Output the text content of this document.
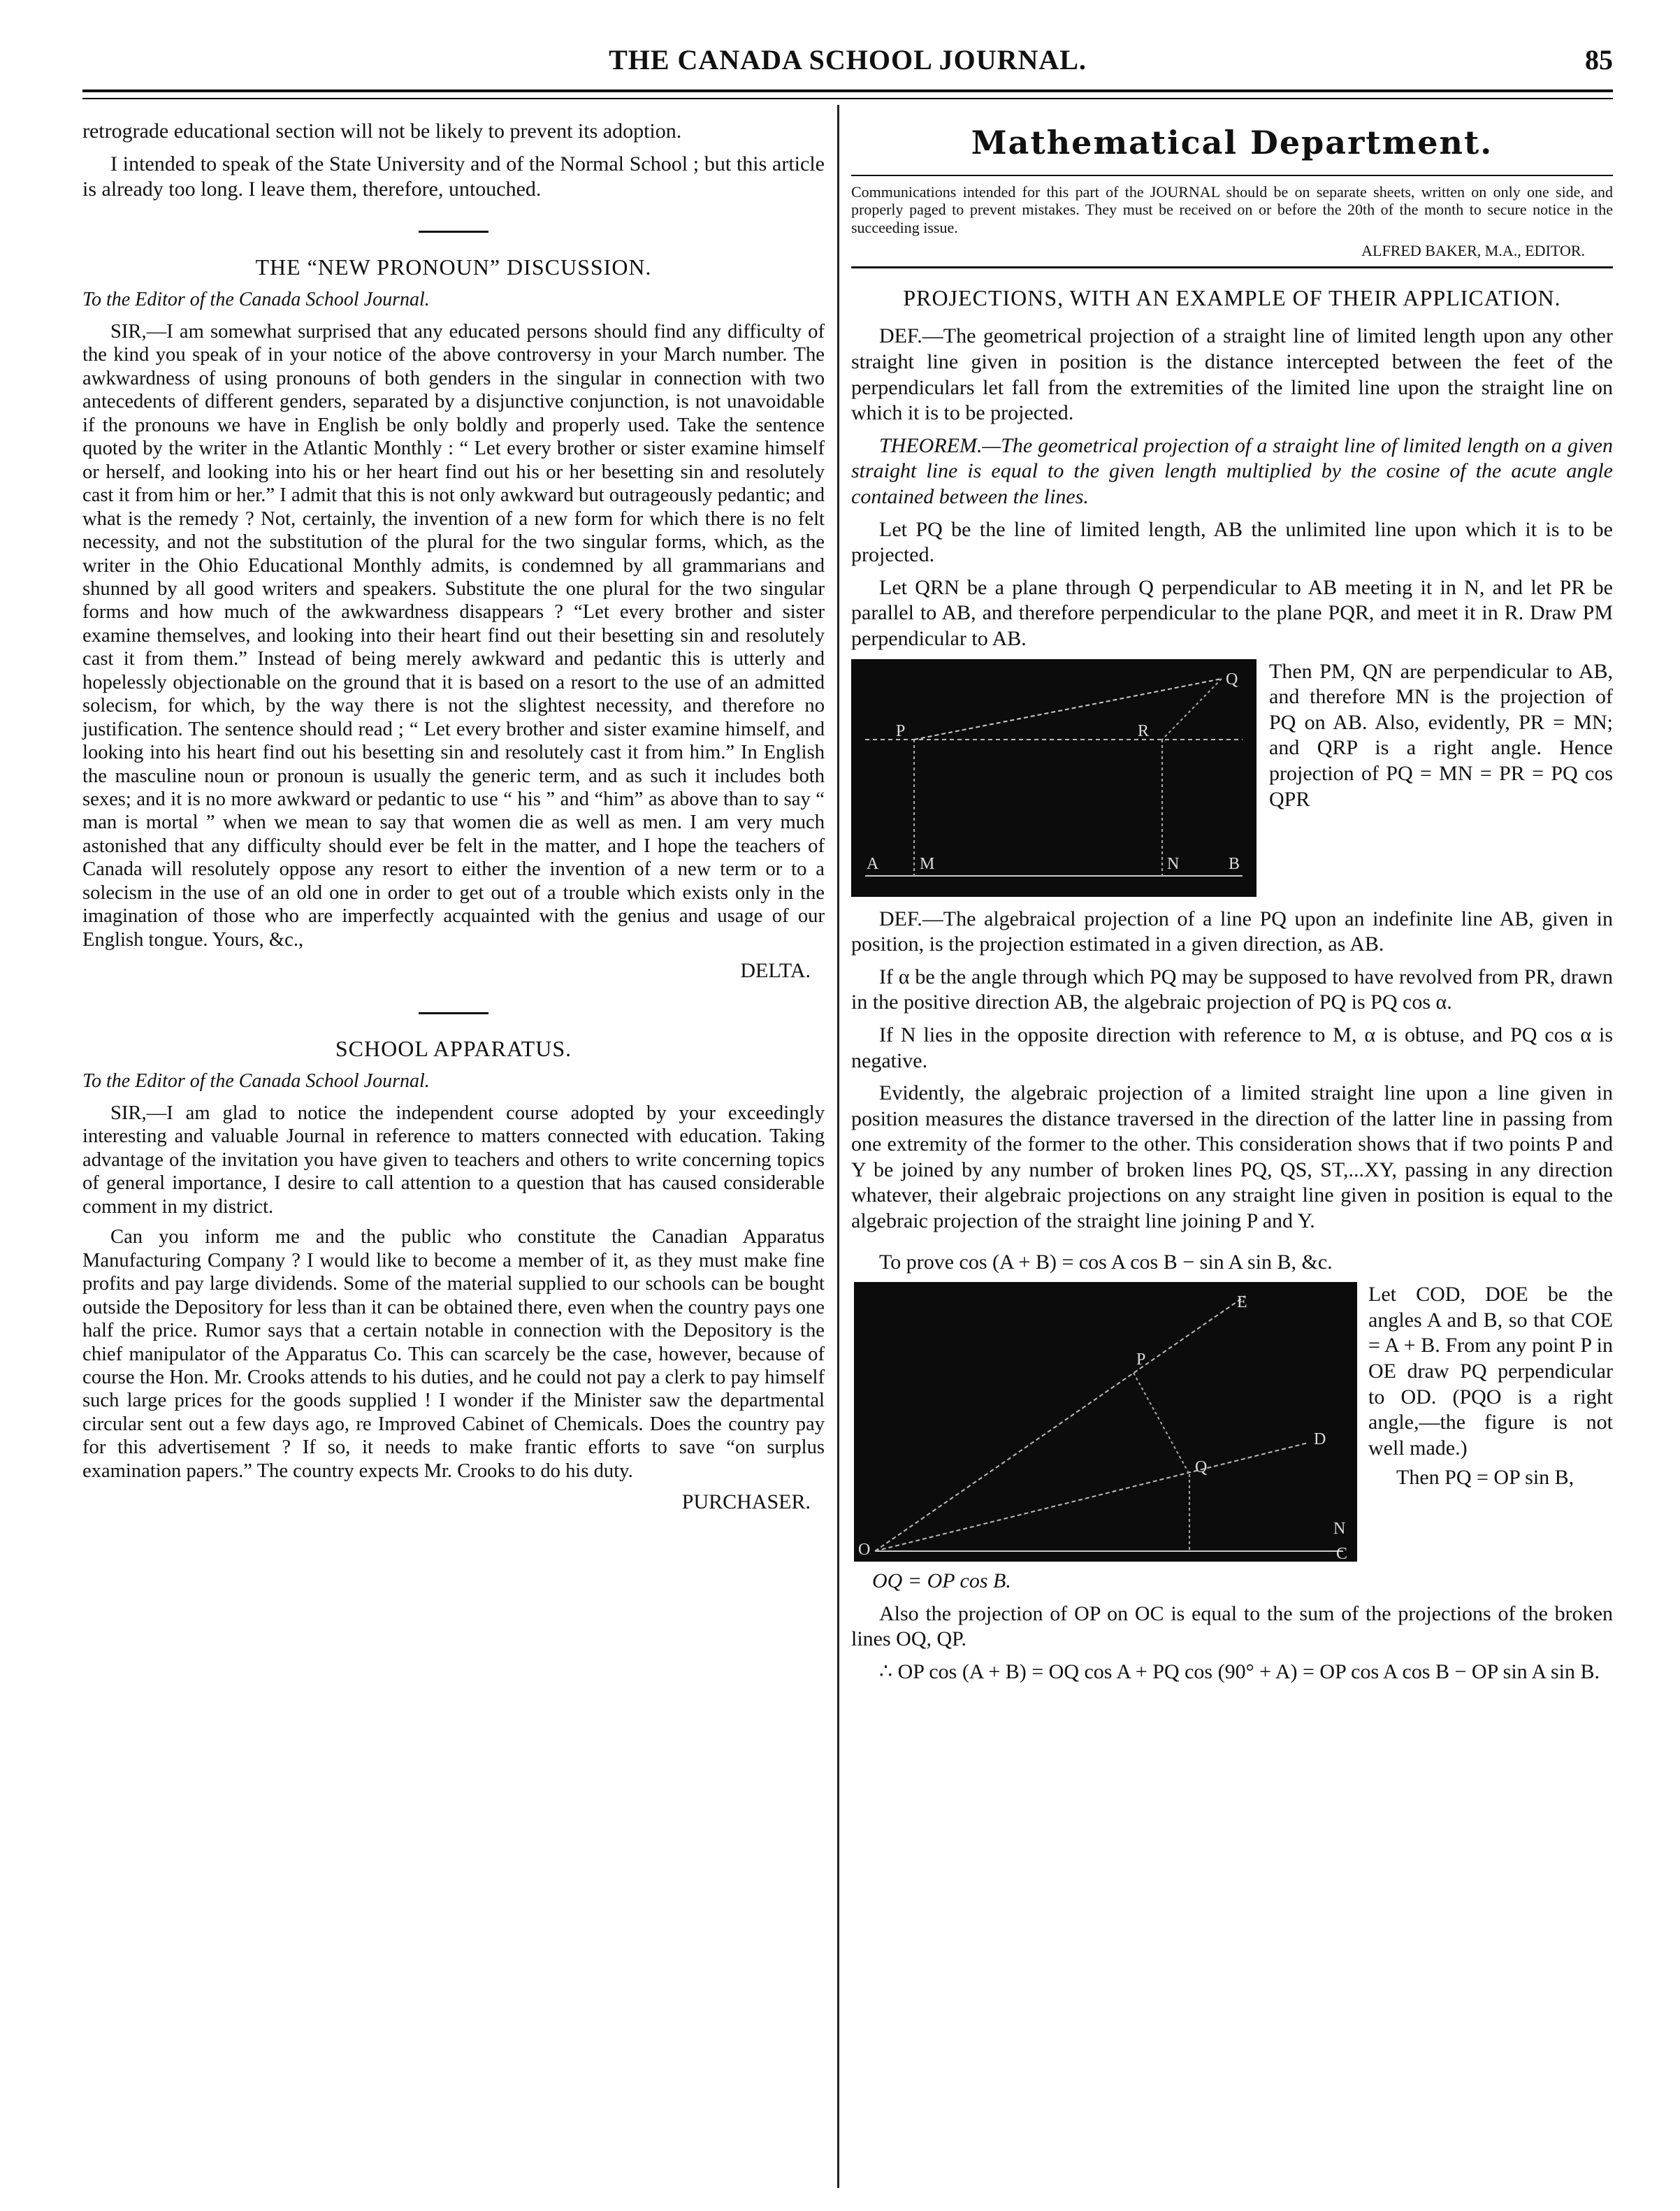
THE CANADA SCHOOL JOURNAL.	85

retrograde educational section will not be likely to prevent its adoption.

I intended to speak of the State University and of the Normal School ; but this article is already too long. I leave them, therefore, untouched.

THE “NEW PRONOUN” DISCUSSION.
To the Editor of the Canada School Journal.

SIR,—I am somewhat surprised that any educated persons should find any difficulty of the kind you speak of in your notice of the above controversy in your March number. The awkwardness of using pronouns of both genders in the singular in connection with two antecedents of different genders, separated by a disjunctive conjunction, is not unavoidable if the pronouns we have in English be only boldly and properly used. Take the sentence quoted by the writer in the Atlantic Monthly : “ Let every brother or sister examine himself or herself, and looking into his or her heart find out his or her besetting sin and resolutely cast it from him or her.” I admit that this is not only awkward but outrageously pedantic; and what is the remedy ? Not, certainly, the invention of a new form for which there is no felt necessity, and not the substitution of the plural for the two singular forms, which, as the writer in the Ohio Educational Monthly admits, is condemned by all grammarians and shunned by all good writers and speakers. Substitute the one plural for the two singular forms and how much of the awkwardness disappears ? “Let every brother and sister examine themselves, and looking into their heart find out their besetting sin and resolutely cast it from them.” Instead of being merely awkward and pedantic this is utterly and hopelessly objectionable on the ground that it is based on a resort to the use of an admitted solecism, for which, by the way there is not the slightest necessity, and therefore no justification. The sentence should read ; “ Let every brother and sister examine himself, and looking into his heart find out his besetting sin and resolutely cast it from him.” In English the masculine noun or pronoun is usually the generic term, and as such it includes both sexes; and it is no more awkward or pedantic to use “ his ” and “him” as above than to say “ man is mortal ” when we mean to say that women die as well as men. I am very much astonished that any difficulty should ever be felt in the matter, and I hope the teachers of Canada will resolutely oppose any resort to either the invention of a new term or to a solecism in the use of an old one in order to get out of a trouble which exists only in the imagination of those who are imperfectly acquainted with the genius and usage of our English tongue. Yours, &c.,

DELTA.

SCHOOL APPARATUS.
To the Editor of the Canada School Journal.

SIR,—I am glad to notice the independent course adopted by your exceedingly interesting and valuable Journal in reference to matters connected with education. Taking advantage of the invitation you have given to teachers and others to write concerning topics of general importance, I desire to call attention to a question that has caused considerable comment in my district.

Can you inform me and the public who constitute the Canadian Apparatus Manufacturing Company ? I would like to become a member of it, as they must make fine profits and pay large dividends. Some of the material supplied to our schools can be bought outside the Depository for less than it can be obtained there, even when the country pays one half the price. Rumor says that a certain notable in connection with the Depository is the chief manipulator of the Apparatus Co. This can scarcely be the case, however, because of course the Hon. Mr. Crooks attends to his duties, and he could not pay a clerk to pay himself such large prices for the goods supplied ! I wonder if the Minister saw the departmental circular sent out a few days ago, re Improved Cabinet of Chemicals. Does the country pay for this advertisement ? If so, it needs to make frantic efforts to save “on surplus examination papers.” The country expects Mr. Crooks to do his duty.

PURCHASER.

Mathematical Department.

Communications intended for this part of the JOURNAL should be on separate sheets, written on only one side, and properly paged to prevent mistakes. They must be received on or before the 20th of the month to secure notice in the succeeding issue.

ALFRED BAKER, M.A., EDITOR.

PROJECTIONS, WITH AN EXAMPLE OF THEIR APPLICATION.

DEF.—The geometrical projection of a straight line of limited length upon any other straight line given in position is the distance intercepted between the feet of the perpendiculars let fall from the extremities of the limited line upon the straight line on which it is to be projected.

THEOREM.—The geometrical projection of a straight line of limited length on a given straight line is equal to the given length multiplied by the cosine of the acute angle contained between the lines.

Let PQ be the line of limited length, AB the unlimited line upon which it is to be projected.

Let QRN be a plane through Q perpendicular to AB meeting it in N, and let PR be parallel to AB, and therefore perpendicular to the plane PQR, and meet it in R. Draw PM perpendicular to AB.

Q
P	R
A M	N	B

Then PM, QN are perpendicular to AB, and therefore MN is the projection of PQ on AB. Also, evidently, PR = MN; and QRP is a right angle. Hence projection of PQ = MN = PR = PQ cos QPR

DEF.—The algebraical projection of a line PQ upon an indefinite line AB, given in position, is the projection estimated in a given direction, as AB.

If α be the angle through which PQ may be supposed to have revolved from PR, drawn in the positive direction AB, the algebraic projection of PQ is PQ cos α.

If N lies in the opposite direction with reference to M, α is obtuse, and PQ cos α is negative.

Evidently, the algebraic projection of a limited straight line upon a line given in position measures the distance traversed in the direction of the latter line in passing from one extremity of the former to the other. This consideration shows that if two points P and Y be joined by any number of broken lines PQ, QS, ST,...XY, passing in any direction whatever, their algebraic projections on any straight line given in position is equal to the algebraic projection of the straight line joining P and Y.

To prove cos (A + B) = cos A cos B − sin A sin B, &c.

E
P
D
Q
O
N
C

Let COD, DOE be the angles A and B, so that COE = A + B. From any point P in OE draw PQ perpendicular to OD. (PQO is a right angle,—the figure is not well made.)

Then PQ = OP sin B,

OQ = OP cos B.

Also the projection of OP on OC is equal to the sum of the projections of the broken lines OQ, QP.

∴ OP cos (A + B) = OQ cos A + PQ cos (90° + A) = OP cos A cos B − OP sin A sin B.
